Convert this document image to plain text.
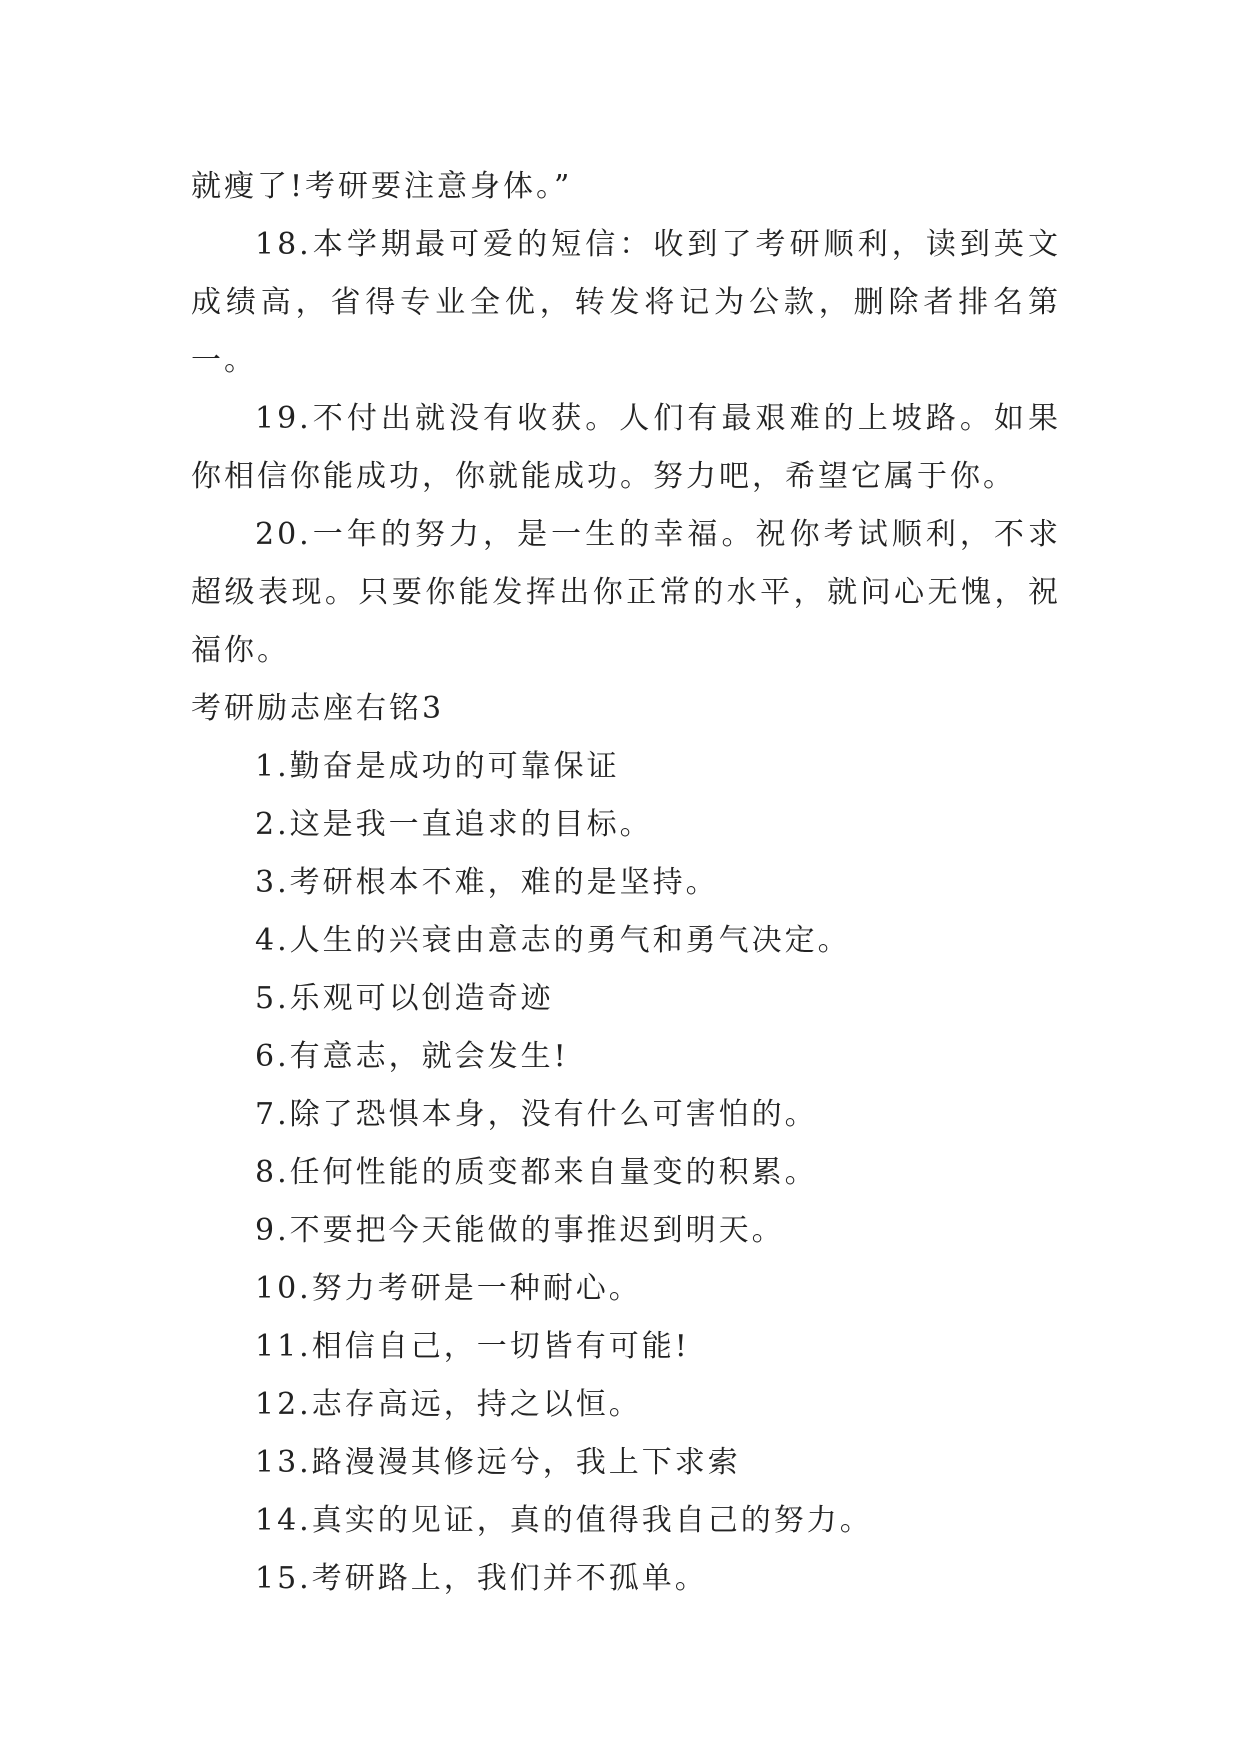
就瘦了!考研要注意身体。”

18.本学期最可爱的短信：收到了考研顺利，读到英文成绩高，省得专业全优，转发将记为公款，删除者排名第一。

19.不付出就没有收获。人们有最艰难的上坡路。如果你相信你能成功，你就能成功。努力吧，希望它属于你。

20.一年的努力，是一生的幸福。祝你考试顺利，不求超级表现。只要你能发挥出你正常的水平，就问心无愧，祝福你。

考研励志座右铭3

1.勤奋是成功的可靠保证

2.这是我一直追求的目标。

3.考研根本不难，难的是坚持。

4.人生的兴衰由意志的勇气和勇气决定。

5.乐观可以创造奇迹

6.有意志，就会发生!

7.除了恐惧本身，没有什么可害怕的。

8.任何性能的质变都来自量变的积累。

9.不要把今天能做的事推迟到明天。

10.努力考研是一种耐心。

11.相信自己，一切皆有可能!

12.志存高远，持之以恒。

13.路漫漫其修远兮，我上下求索

14.真实的见证，真的值得我自己的努力。

15.考研路上，我们并不孤单。
